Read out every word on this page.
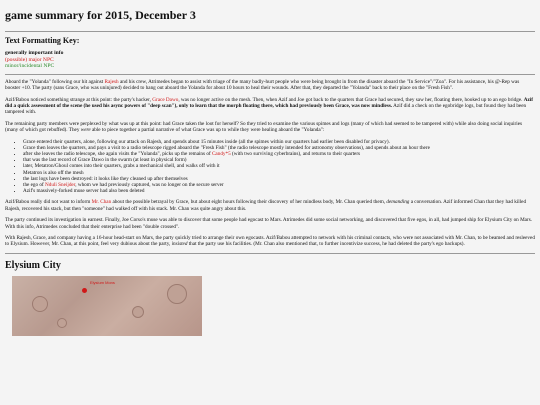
game summary for 2015, December 3
Text Formatting Key:
generally important info
(possible) major NPC
minor/incidental NPC

Aboard the "Yolanda" following our hit against Rajesh and his crew, Atrimedes began to assist with triage of the many badly-hurt people who were being brought in from the disaster aboard the "In Service"/"Zoa". For his assistance, his @-Rep was booster +10. The party (sans Grace, who was uninjured) decided to hang out aboard the Yolanda for about 10 hours to heal their wounds. After that, they departed the "Yolanda" back to their place on the "Fresh Fish".

Azif/Babou noticed something strange at this point: the party's hacker, Grace Dawo, was no longer active on the mesh. Then, when Azif and Joe got back to the quarters that Grace had secured, they saw her, floating there, hooked up to an ego bridge. Azif did a quick assessment of the scene (he used his async powers of "deep scan"), only to learn that the morph floating there, which had previously been Grace, was now mindless. Azif did a check on the egobridge logs, but found they had been tampered with.

The remaining party members were perplexed by what was up at this point: had Grace taken the loot for herself? So they tried to examine the various spimes and logs (many of which had seemed to be tampered with) while also doing social inquiries (many of which got rebuffed). They were able to piece together a partial narrative of what Grace was up to while they were healing aboard the "Yolanda":

• Grace entered their quarters, alone, following our attack on Rajesh, and spends about 15 minutes inside (all the spimes within our quarters had earlier been disabled for privacy).
• Grace then leaves the quarters, and pays a visit to a radio telescope rigged aboard the "Fresh Fish" (the radio telescope mostly intended for astronomy observations), and spends about an hour there
• after she leaves the radio telescope, she again visits the "Yolanda", picks up the remains of Candy*5 (with two surviving cyberbrains), and returns to their quarters
• that was the last record of Grace Dawo in the swarm (at least in physical form)
• later, Metatron/Ghoul comes into their quarters, grabs a mechanical shell, and walks off with it
• Metatron is also off the mesh
• the last logs have been destroyed: it looks like they cleaned up after themselves
• the ego of Nduli Sneijder, whom we had previously captured, was no longer on the secure server
• Azif's massively-forked muse server had also been deleted

Azif/Babou really did not want to inform Mr. Chan about the possible betrayal by Grace, but about eight hours following their discovery of her mindless body, Mr. Chan queried them, demanding a conversation. Azif informed Chan that they had killed Rajesh, recovered his stack, but then "someone" had walked off with his stack. Mr. Chan was quite angry about this.

The party continued its investigation in earnest. Finally, Joe Corso's muse was able to discover that some people had egocast to Mars. Atrimedes did some social networking, and discovered that five egos, in all, had jumped ship for Elysium City on Mars. With this info, Atrimedes concluded that their enterprise had been "double crossed".

With Rajesh, Grace, and company having a 16-hour head-start on Mars, the party quickly tried to arrange their own egocasts. Azif/Babou attempted to network with his criminal contacts, who were not associated with Mr. Chan, to be beamed and resleeved to Elysium. However, Mr. Chan, at this point, feel very dubious about the party, insisted that the party use his facilities. (Mr. Chan also mentioned that, to further incentivize success, he had deleted the party's ego backups).

Elysium City
Elysium Mons
